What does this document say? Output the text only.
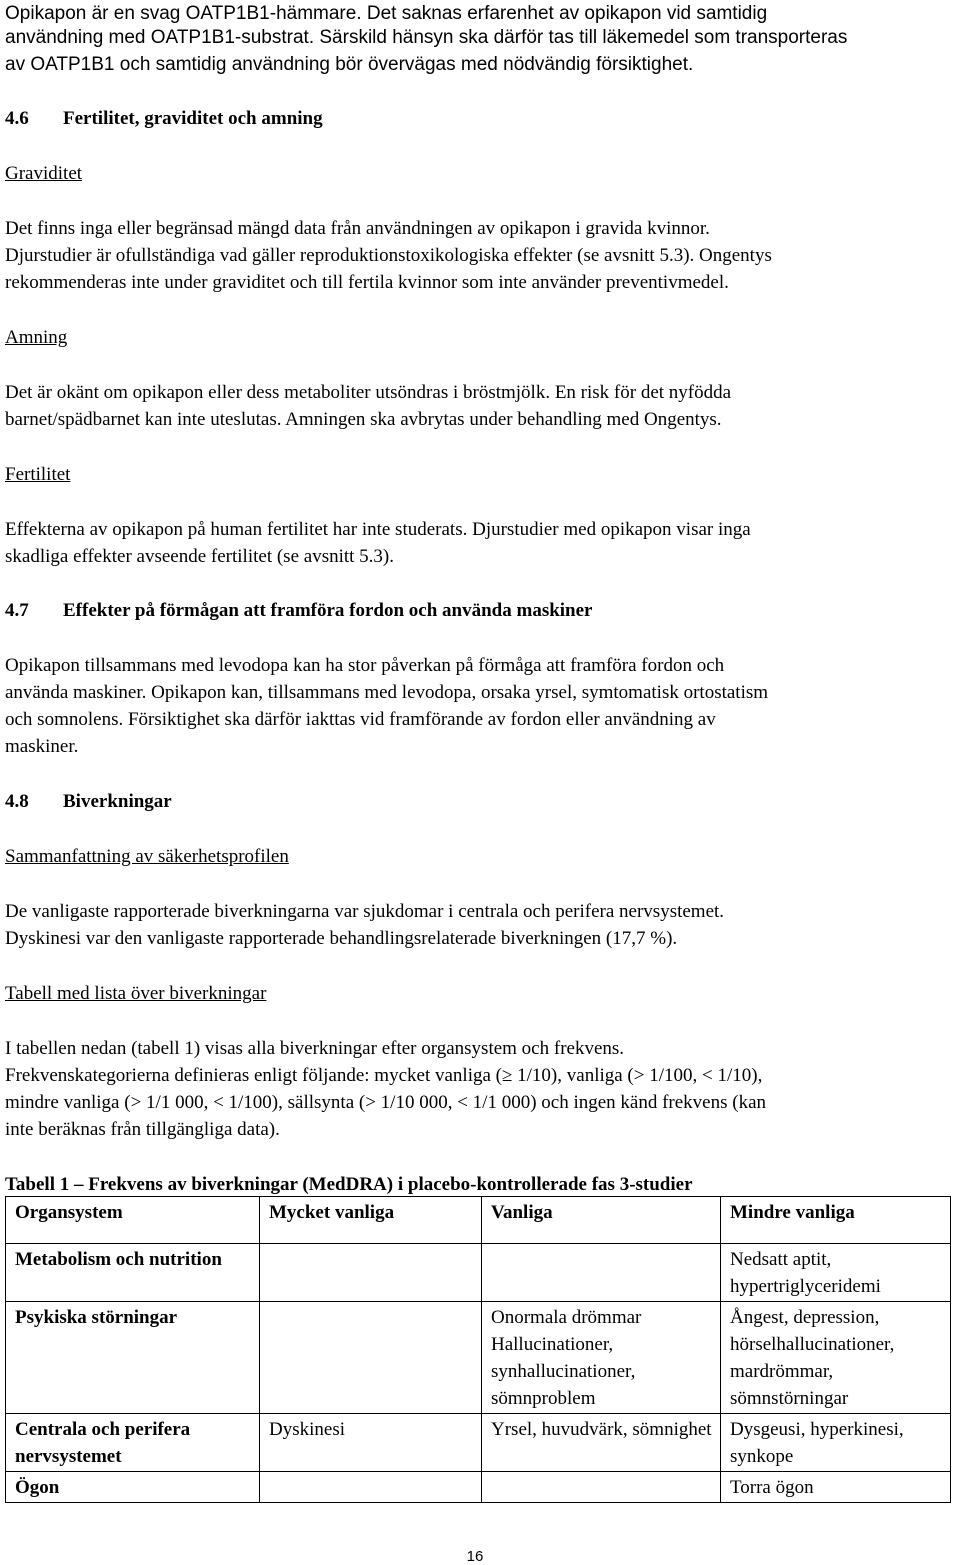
Opikapon är en svag OATP1B1-hämmare. Det saknas erfarenhet av opikapon vid samtidig
användning med OATP1B1-substrat. Särskild hänsyn ska därför tas till läkemedel som transporteras
av OATP1B1 och samtidig användning bör övervägas med nödvändig försiktighet.
4.6 Fertilitet, graviditet och amning
Graviditet
Det finns inga eller begränsad mängd data från användningen av opikapon i gravida kvinnor.
Djurstudier är ofullständiga vad gäller reproduktionstoxikologiska effekter (se avsnitt 5.3). Ongentys
rekommenderas inte under graviditet och till fertila kvinnor som inte använder preventivmedel.
Amning
Det är okänt om opikapon eller dess metaboliter utsöndras i bröstmjölk. En risk för det nyfödda
barnet/spädbarnet kan inte uteslutas. Amningen ska avbrytas under behandling med Ongentys.
Fertilitet
Effekterna av opikapon på human fertilitet har inte studerats. Djurstudier med opikapon visar inga
skadliga effekter avseende fertilitet (se avsnitt 5.3).
4.7 Effekter på förmågan att framföra fordon och använda maskiner
Opikapon tillsammans med levodopa kan ha stor påverkan på förmåga att framföra fordon och
använda maskiner. Opikapon kan, tillsammans med levodopa, orsaka yrsel, symtomatisk ortostatism
och somnolens. Försiktighet ska därför iakttas vid framförande av fordon eller användning av
maskiner.
4.8 Biverkningar
Sammanfattning av säkerhetsprofilen
De vanligaste rapporterade biverkningarna var sjukdomar i centrala och perifera nervsystemet.
Dyskinesi var den vanligaste rapporterade behandlingsrelaterade biverkningen (17,7 %).
Tabell med lista över biverkningar
I tabellen nedan (tabell 1) visas alla biverkningar efter organsystem och frekvens.
Frekvenskategorierna definieras enligt följande: mycket vanliga (≥ 1/10), vanliga (> 1/100, < 1/10),
mindre vanliga (> 1/1 000, < 1/100), sällsynta (> 1/10 000, < 1/1 000) och ingen känd frekvens (kan
inte beräknas från tillgängliga data).
Tabell 1 – Frekvens av biverkningar (MedDRA) i placebo-kontrollerade fas 3-studier
Organsystem	Mycket vanliga	Vanliga	Mindre vanliga
Metabolism och nutrition			Nedsatt aptit, hypertriglyceridemi
Psykiska störningar		Onormala drömmar Hallucinationer, synhallucinationer, sömnproblem	Ångest, depression, hörselhallucinationer, mardrömmar, sömnstörningar
Centrala och perifera nervsystemet	Dyskinesi	Yrsel, huvudvärk, sömnighet	Dysgeusi, hyperkinesi, synkope
Ögon			Torra ögon
16
